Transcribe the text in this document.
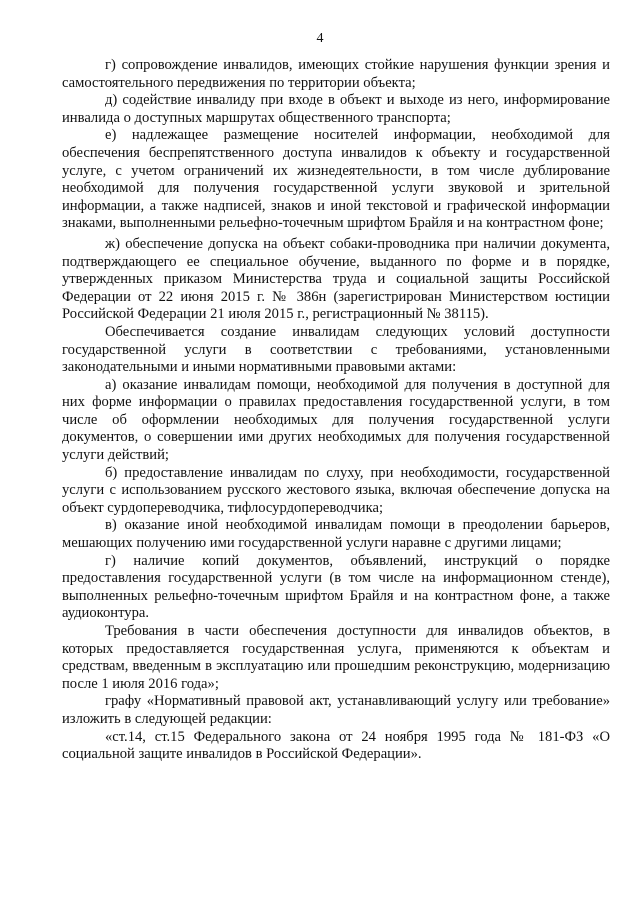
4

г) сопровождение инвалидов, имеющих стойкие нарушения функции зрения и самостоятельного передвижения по территории объекта;

д) содействие инвалиду при входе в объект и выходе из него, информирование инвалида о доступных маршрутах общественного транспорта;

е) надлежащее размещение носителей информации, необходимой для обеспечения беспрепятственного доступа инвалидов к объекту и государственной услуге, с учетом ограничений их жизнедеятельности, в том числе дублирование необходимой для получения государственной услуги звуковой и зрительной информации, а также надписей, знаков и иной текстовой и графической информации знаками, выполненными рельефно-точечным шрифтом Брайля и на контрастном фоне;

ж) обеспечение допуска на объект собаки-проводника при наличии документа, подтверждающего ее специальное обучение, выданного по форме и в порядке, утвержденных приказом Министерства труда и социальной защиты Российской Федерации от 22 июня 2015 г. № 386н (зарегистрирован Министерством юстиции Российской Федерации 21 июля 2015 г., регистрационный № 38115).

Обеспечивается создание инвалидам следующих условий доступности государственной услуги в соответствии с требованиями, установленными законодательными и иными нормативными правовыми актами:

а) оказание инвалидам помощи, необходимой для получения в доступной для них форме информации о правилах предоставления государственной услуги, в том числе об оформлении необходимых для получения государственной услуги документов, о совершении ими других необходимых для получения государственной услуги действий;

б) предоставление инвалидам по слуху, при необходимости, государственной услуги с использованием русского жестового языка, включая обеспечение допуска на объект сурдопереводчика, тифлосурдопереводчика;

в) оказание иной необходимой инвалидам помощи в преодолении барьеров, мешающих получению ими государственной услуги наравне с другими лицами;

г) наличие копий документов, объявлений, инструкций о порядке предоставления государственной услуги (в том числе на информационном стенде), выполненных рельефно-точечным шрифтом Брайля и на контрастном фоне, а также аудиоконтура.

Требования в части обеспечения доступности для инвалидов объектов, в которых предоставляется государственная услуга, применяются к объектам и средствам, введенным в эксплуатацию или прошедшим реконструкцию, модернизацию после 1 июля 2016 года»;

графу «Нормативный правовой акт, устанавливающий услугу или требование» изложить в следующей редакции:

«ст.14, ст.15 Федерального закона от 24 ноября 1995 года № 181-ФЗ «О социальной защите инвалидов в Российской Федерации».
